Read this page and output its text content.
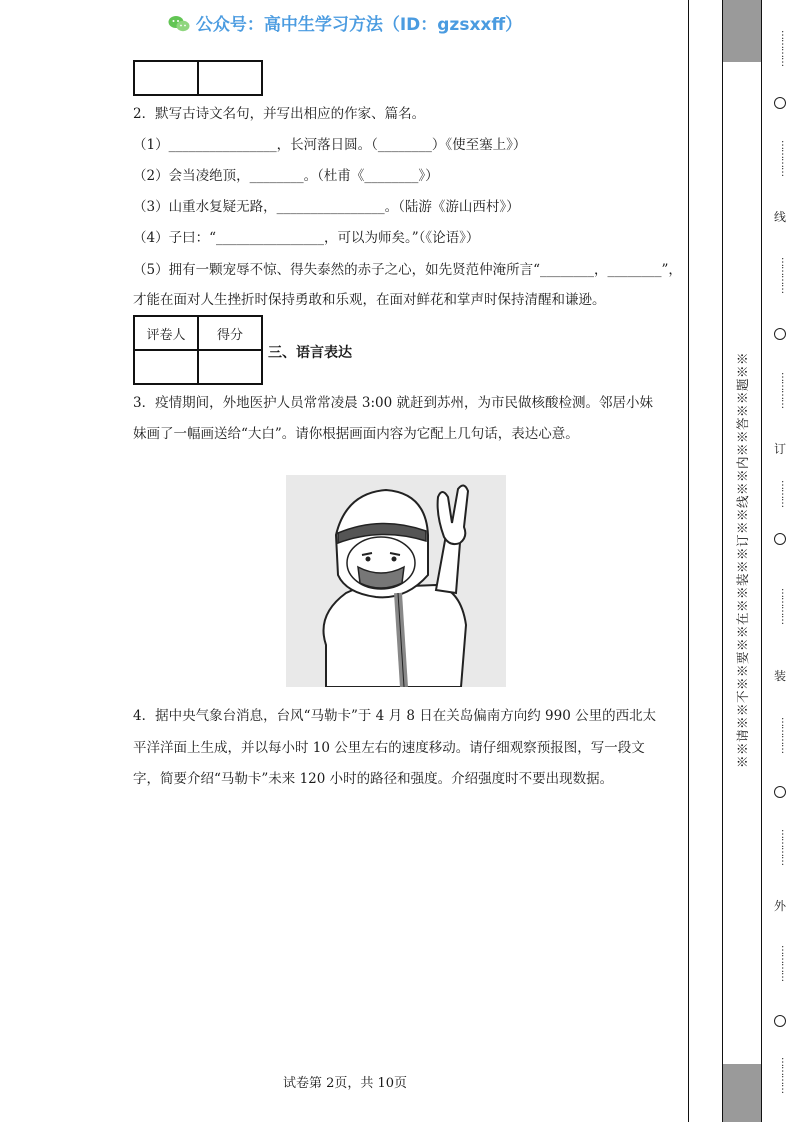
公众号：高中生学习方法（ID：gzsxxff）

2．默写古诗文名句，并写出相应的作家、篇名。
（1）________________，长河落日圆。（________）《使至塞上》）
（2）会当凌绝顶，________。（杜甫《________》）
（3）山重水复疑无路，________________。（陆游《游山西村》）
（4）子曰：“________________，可以为师矣。”（《论语》）
（5）拥有一颗宠辱不惊、得失泰然的赤子之心，如先贤范仲淹所言“________，________”，
才能在面对人生挫折时保持勇敢和乐观，在面对鲜花和掌声时保持清醒和谦逊。
评卷人	得分

三、语言表达
3．疫情期间，外地医护人员常常凌晨 3:00 就赶到苏州，为市民做核酸检测。邻居小妹
妹画了一幅画送给“大白”。请你根据画面内容为它配上几句话，表达心意。
4．据中央气象台消息，台风“马勒卡”于 4 月 8 日在关岛偏南方向约 990 公里的西北太
平洋洋面上生成，并以每小时 10 公里左右的速度移动。请仔细观察预报图，写一段文
字，简要介绍“马勒卡”未来 120 小时的路径和强度。介绍强度时不要出现数据。
试卷第 2页，共 10页
※※请※※不※※要※※在※※装※※订※※线※※内※※答※※题※※
…………
…………
线
…………
…………
订
………
…………
装
…………
…………
外
…………
…………
